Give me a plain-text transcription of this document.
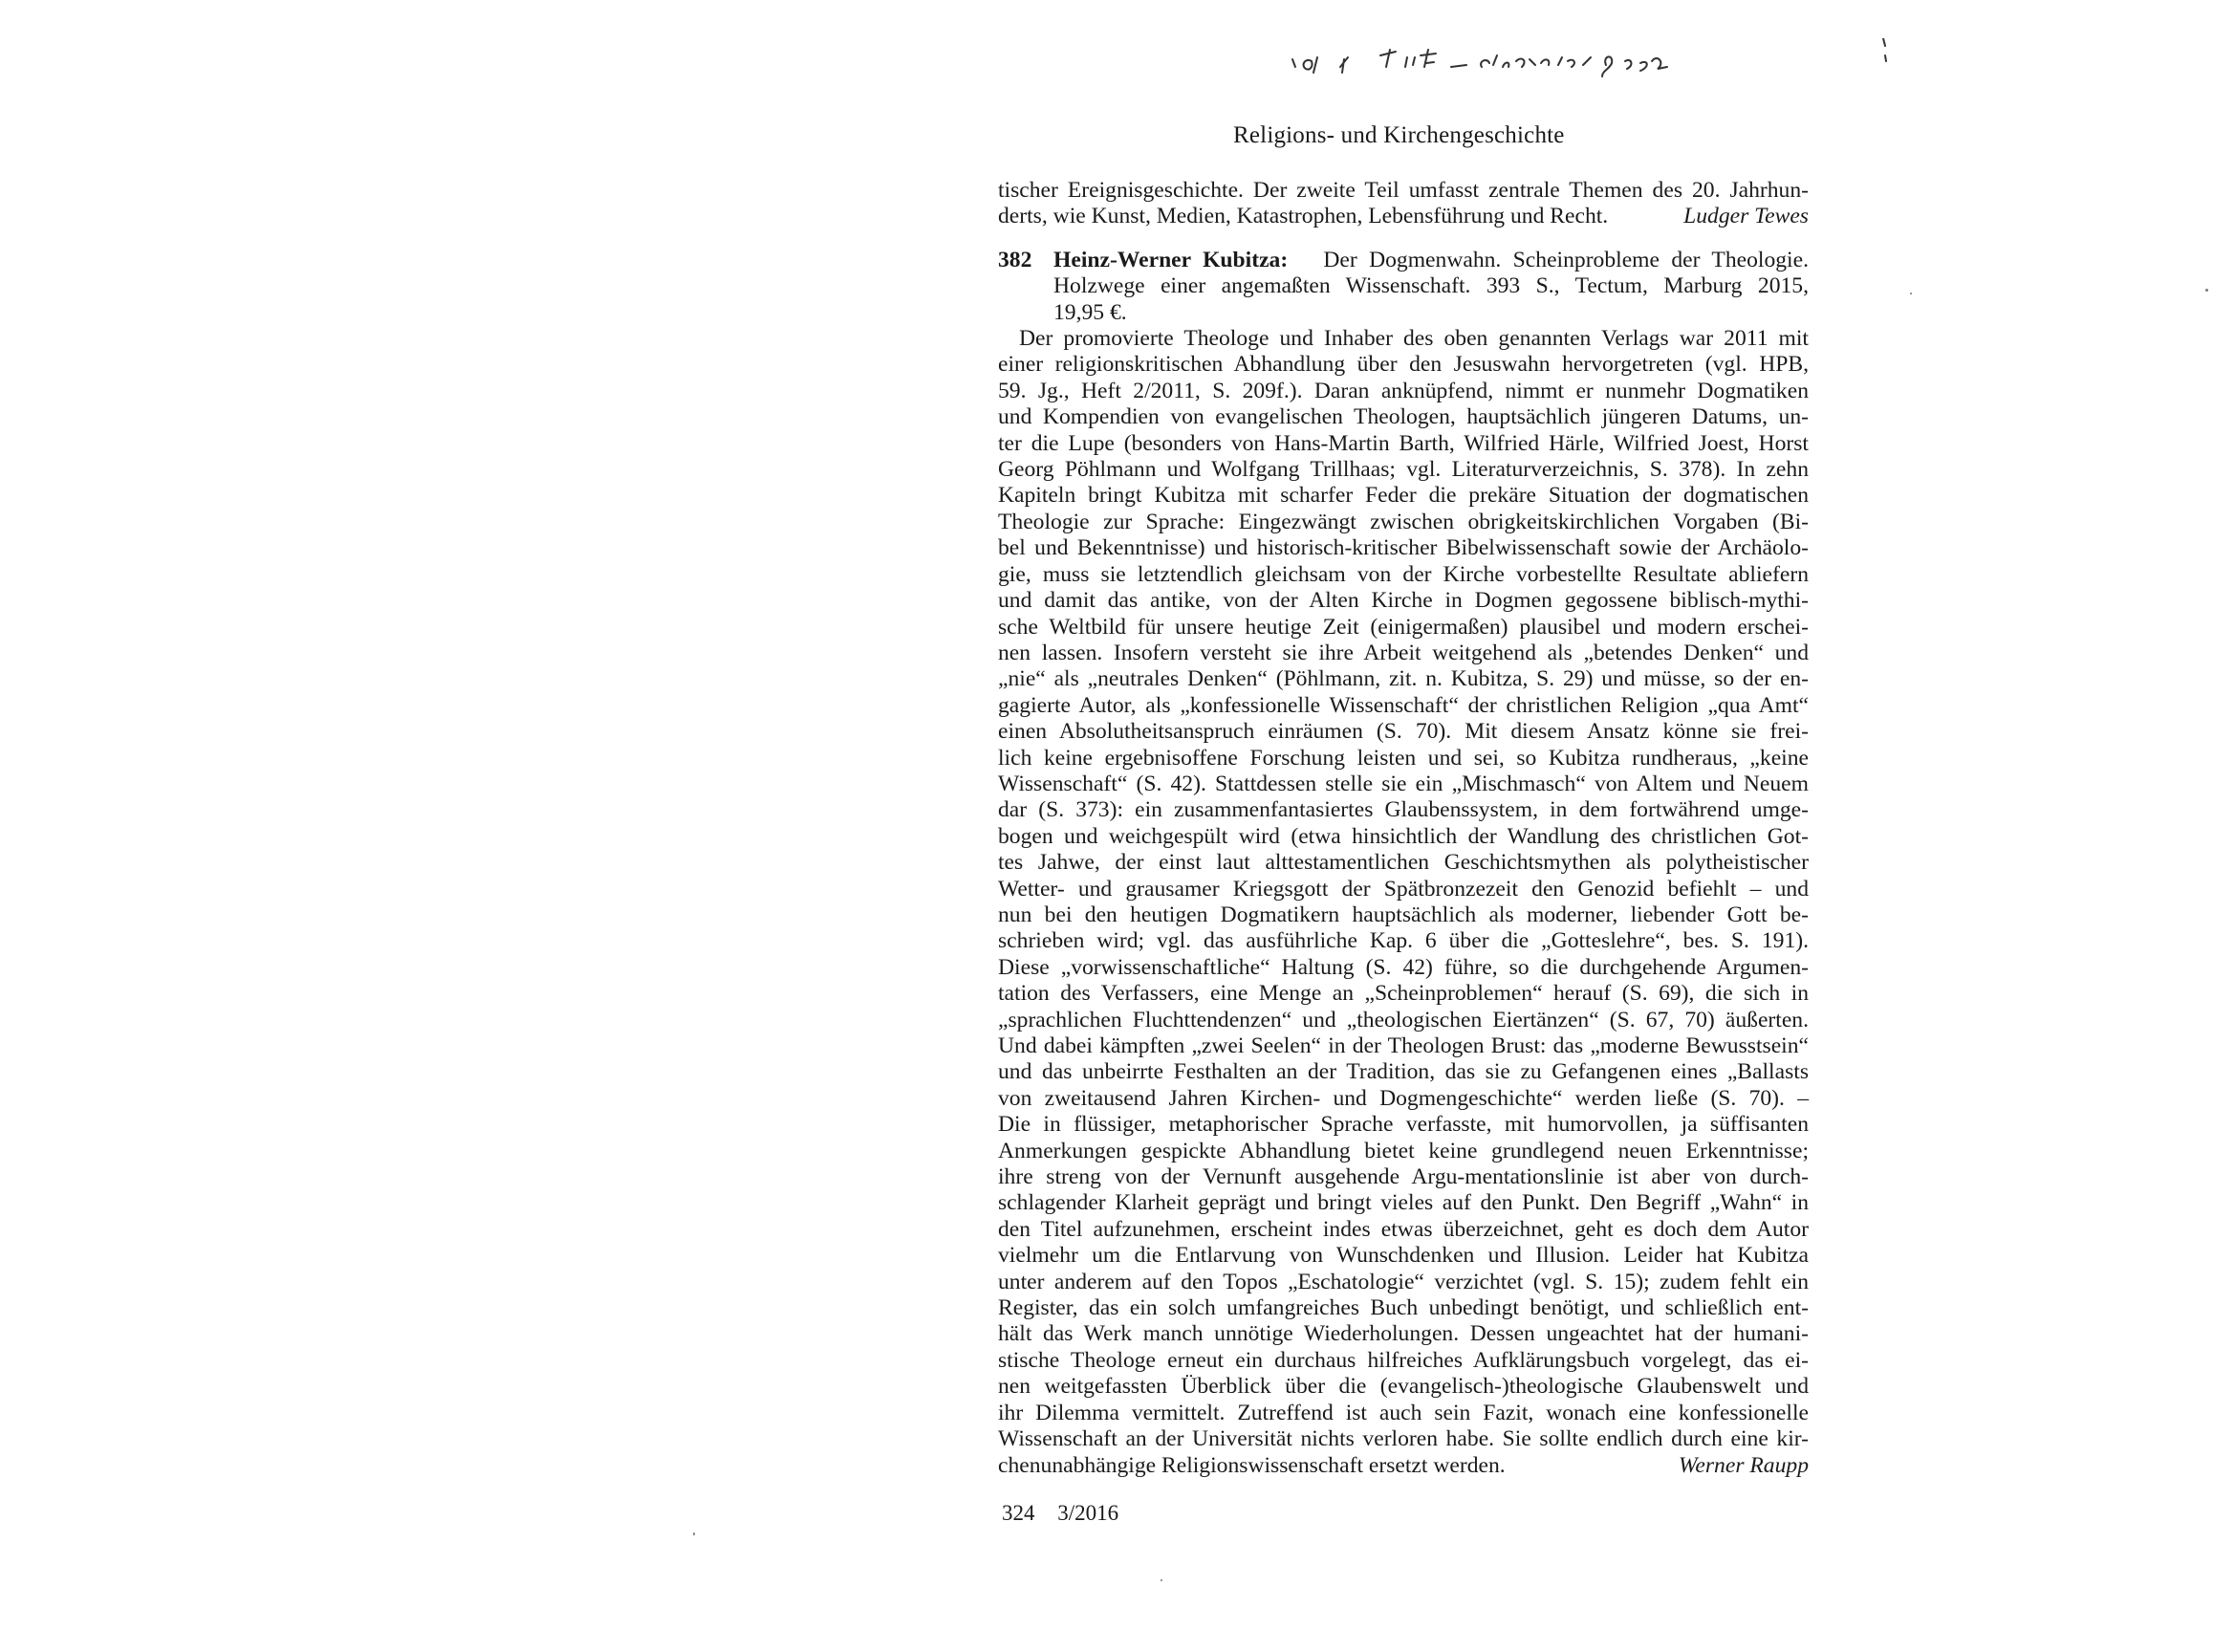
Religions- und Kirchengeschichte
tischer Ereignisgeschichte. Der zweite Teil umfasst zentrale Themen des 20. Jahrhun-
derts, wie Kunst, Medien, Katastrophen, Lebensführung und Recht.	Ludger Tewes
382 Heinz-Werner Kubitza: Der Dogmenwahn. Scheinprobleme der Theologie.
Holzwege einer angemaßten Wissenschaft. 393 S., Tectum, Marburg 2015,
19,95 €.
Der promovierte Theologe und Inhaber des oben genannten Verlags war 2011 mit
einer religionskritischen Abhandlung über den Jesuswahn hervorgetreten (vgl. HPB,
59. Jg., Heft 2/2011, S. 209f.). Daran anknüpfend, nimmt er nunmehr Dogmatiken
und Kompendien von evangelischen Theologen, hauptsächlich jüngeren Datums, un-
ter die Lupe (besonders von Hans-Martin Barth, Wilfried Härle, Wilfried Joest, Horst
Georg Pöhlmann und Wolfgang Trillhaas; vgl. Literaturverzeichnis, S. 378). In zehn
Kapiteln bringt Kubitza mit scharfer Feder die prekäre Situation der dogmatischen
Theologie zur Sprache: Eingezwängt zwischen obrigkeitskirchlichen Vorgaben (Bi-
bel und Bekenntnisse) und historisch-kritischer Bibelwissenschaft sowie der Archäolo-
gie, muss sie letztendlich gleichsam von der Kirche vorbestellte Resultate abliefern
und damit das antike, von der Alten Kirche in Dogmen gegossene biblisch-mythi-
sche Weltbild für unsere heutige Zeit (einigermaßen) plausibel und modern erschei-
nen lassen. Insofern versteht sie ihre Arbeit weitgehend als „betendes Denken“ und
„nie“ als „neutrales Denken“ (Pöhlmann, zit. n. Kubitza, S. 29) und müsse, so der en-
gagierte Autor, als „konfessionelle Wissenschaft“ der christlichen Religion „qua Amt“
einen Absolutheitsanspruch einräumen (S. 70). Mit diesem Ansatz könne sie frei-
lich keine ergebnisoffene Forschung leisten und sei, so Kubitza rundheraus, „keine
Wissenschaft“ (S. 42). Stattdessen stelle sie ein „Mischmasch“ von Altem und Neuem
dar (S. 373): ein zusammenfantasiertes Glaubenssystem, in dem fortwährend umge-
bogen und weichgespült wird (etwa hinsichtlich der Wandlung des christlichen Got-
tes Jahwe, der einst laut alttestamentlichen Geschichtsmythen als polytheistischer
Wetter- und grausamer Kriegsgott der Spätbronzezeit den Genozid befiehlt – und
nun bei den heutigen Dogmatikern hauptsächlich als moderner, liebender Gott be-
schrieben wird; vgl. das ausführliche Kap. 6 über die „Gotteslehre“, bes. S. 191).
Diese „vorwissenschaftliche“ Haltung (S. 42) führe, so die durchgehende Argumen-
tation des Verfassers, eine Menge an „Scheinproblemen“ herauf (S. 69), die sich in
„sprachlichen Fluchttendenzen“ und „theologischen Eiertänzen“ (S. 67, 70) äußerten.
Und dabei kämpften „zwei Seelen“ in der Theologen Brust: das „moderne Bewusstsein“
und das unbeirrte Festhalten an der Tradition, das sie zu Gefangenen eines „Ballasts
von zweitausend Jahren Kirchen- und Dogmengeschichte“ werden ließe (S. 70). –
Die in flüssiger, metaphorischer Sprache verfasste, mit humorvollen, ja süffisanten
Anmerkungen gespickte Abhandlung bietet keine grundlegend neuen Erkenntnisse;
ihre streng von der Vernunft ausgehende Argu-mentationslinie ist aber von durch-
schlagender Klarheit geprägt und bringt vieles auf den Punkt. Den Begriff „Wahn“ in
den Titel aufzunehmen, erscheint indes etwas überzeichnet, geht es doch dem Autor
vielmehr um die Entlarvung von Wunschdenken und Illusion. Leider hat Kubitza
unter anderem auf den Topos „Eschatologie“ verzichtet (vgl. S. 15); zudem fehlt ein
Register, das ein solch umfangreiches Buch unbedingt benötigt, und schließlich ent-
hält das Werk manch unnötige Wiederholungen. Dessen ungeachtet hat der humani-
stische Theologe erneut ein durchaus hilfreiches Aufklärungsbuch vorgelegt, das ei-
nen weitgefassten Überblick über die (evangelisch-)theologische Glaubenswelt und
ihr Dilemma vermittelt. Zutreffend ist auch sein Fazit, wonach eine konfessionelle
Wissenschaft an der Universität nichts verloren habe. Sie sollte endlich durch eine kir-
chenunabhängige Religionswissenschaft ersetzt werden.	Werner Raupp
324 3/2016
